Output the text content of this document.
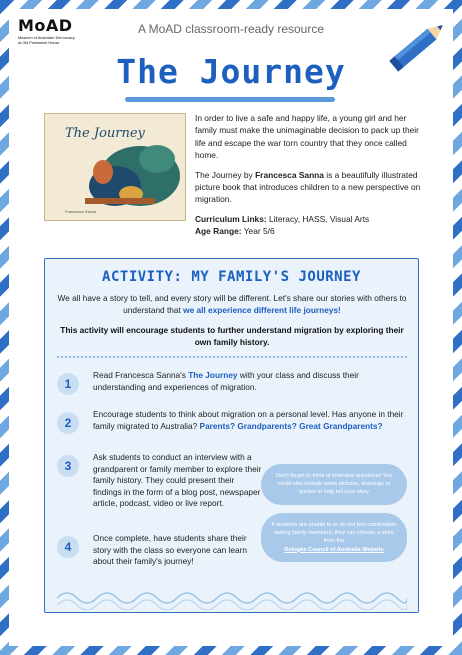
MoAD
Museum of Australian Democracy
at Old Parliament House
A MoAD classroom-ready resource
The Journey
The Journey
Francesca Sanna

In order to live a safe and happy life, a young girl and her family must make the unimaginable decision to pack up their life and escape the war torn country that they once called home.

The Journey by Francesca Sanna is a beautifully illustrated picture book that introduces children to a new perspective on migration.

Curriculum Links: Literacy, HASS, Visual Arts

Age Range: Year 5/6

ACTIVITY: MY FAMILY'S JOURNEY
We all have a story to tell, and every story will be different. Let's share our stories with others to understand that we all experience different life journeys!
This activity will encourage students to further understand migration by exploring their own family history.
1
Read Francesca Sanna's The Journey with your class and discuss their understanding and experiences of migration.
2
Encourage students to think about migration on a personal level. Has anyone in their family migrated to Australia? Parents? Grandparents? Great Grandparents?
3
Ask students to conduct an interview with a grandparent or family member to explore their family history. They could present their findings in the form of a blog post, newspaper article, podcast, video or live report.
4
Once complete, have students share their story with the class so everyone can learn about their family's journey!
Don't forget to think of interview questions! You could also include some pictures, drawings or quotes to help tell your story
If students are unable to or do not feel comfortable asking family members, they can choose a story from the
Refugee Council of Australia Website
